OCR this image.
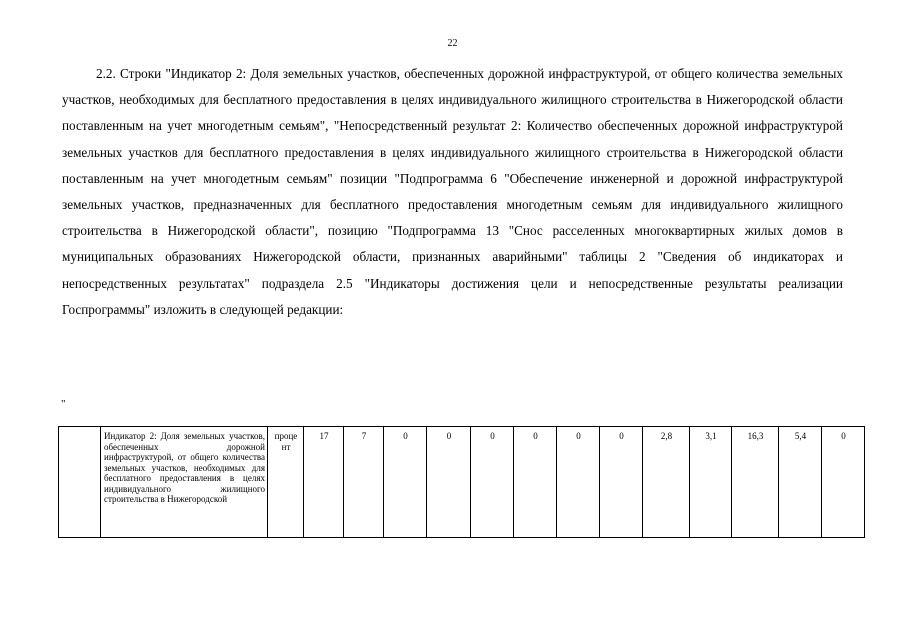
22

2.2. Строки "Индикатор 2: Доля земельных участков, обеспеченных дорожной инфраструктурой, от общего количества земельных участков, необходимых для бесплатного предоставления в целях индивидуального жилищного строительства в Нижегородской области поставленным на учет многодетным семьям", "Непосредственный результат 2: Количество обеспеченных дорожной инфраструктурой земельных участков для бесплатного предоставления в целях индивидуального жилищного строительства в Нижегородской области поставленным на учет многодетным семьям" позиции "Подпрограмма 6 "Обеспечение инженерной и дорожной инфраструктурой земельных участков, предназначенных для бесплатного предоставления многодетным семьям для индивидуального жилищного строительства в Нижегородской области", позицию "Подпрограмма 13 "Снос расселенных многоквартирных жилых домов в муниципальных образованиях Нижегородской области, признанных аварийными" таблицы 2 "Сведения об индикаторах и непосредственных результатах" подраздела 2.5 "Индикаторы достижения цели и непосредственные результаты реализации Госпрограммы" изложить в следующей редакции:

"
	Индикатор 2: Доля земельных участков, обеспеченных дорожной инфраструктурой, от общего количества земельных участков, необходимых для бесплатного предоставления в целях индивидуального жилищного строительства в Нижегородской	проце нт	17	7	0	0	0	0	0	0	2,8	3,1	16,3	5,4	0
